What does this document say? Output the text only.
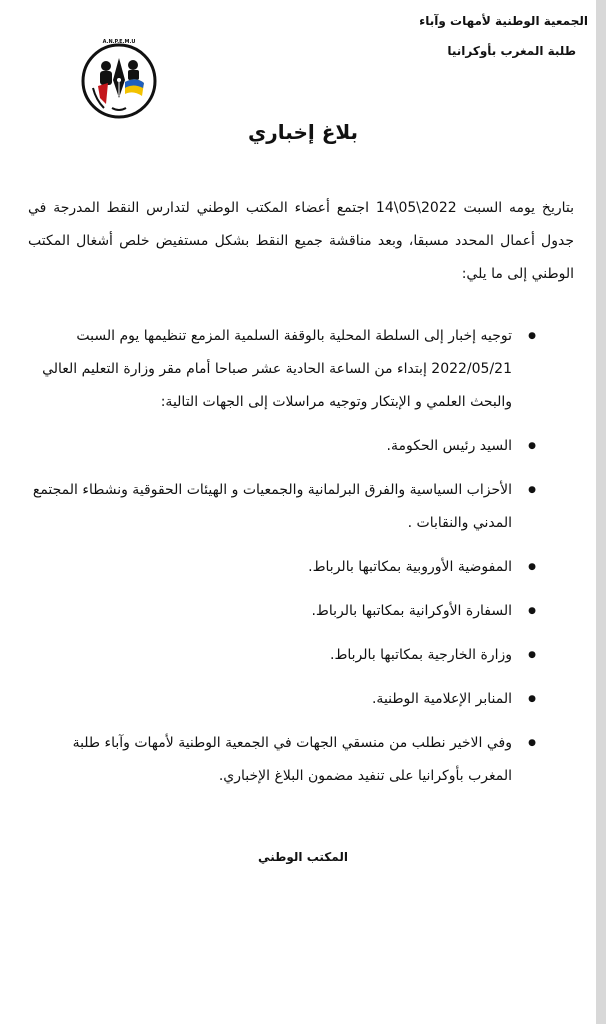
الجمعية الوطنية لأمهات وآباء

طلبة المغرب بأوكرانيا

A.N.P.E.M.U
بلاغ إخباري

بتاريخ يومه السبت 2022\05\14 اجتمع أعضاء المكتب الوطني لتدارس النقط المدرجة في جدول أعمال المحدد مسبقا، وبعد مناقشة جميع النقط بشكل مستفيض خلص أشغال المكتب الوطني إلى ما يلي:

● توجيه إخبار إلى السلطة المحلية بالوقفة السلمية المزمع تنظيمها يوم السبت 2022/05/21 إبتداء من الساعة الحادية عشر صباحا أمام مقر وزارة التعليم العالي والبحث العلمي و الإبتكار وتوجيه مراسلات إلى الجهات التالية:
● السيد رئيس الحكومة.
● الأحزاب السياسية والفرق البرلمانية والجمعيات و الهيئات الحقوقية ونشطاء المجتمع المدني والنقابات .
● المفوضية الأوروبية بمكاتبها بالرباط.
● السفارة الأوكرانية بمكاتبها بالرباط.
● وزارة الخارجية بمكاتبها بالرباط.
● المنابر الإعلامية الوطنية.
● وفي الاخير نطلب من منسقي الجهات في الجمعية الوطنية لأمهات وآباء طلبة المغرب بأوكرانيا على تنفيد مضمون البلاغ الإخباري.
المكتب الوطني
